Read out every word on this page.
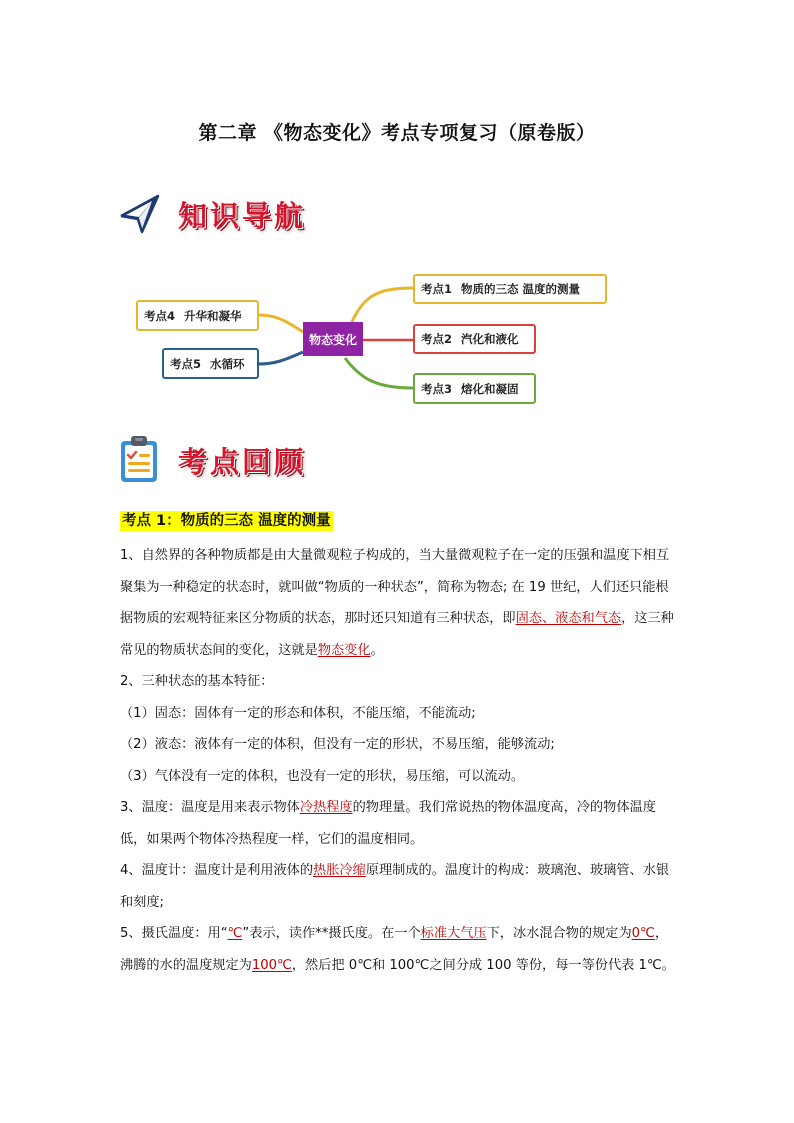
第二章 《物态变化》考点专项复习（原卷版）
知识导航
物态变化
考点1 物质的三态 温度的测量
考点2 汽化和液化
考点3 熔化和凝固
考点4 升华和凝华
考点5 水循环
考点回顾
考点 1：物质的三态 温度的测量

1、自然界的各种物质都是由大量微观粒子构成的，当大量微观粒子在一定的压强和温度下相互聚集为一种稳定的状态时，就叫做“物质的一种状态”，简称为物态; 在 19 世纪，人们还只能根据物质的宏观特征来区分物质的状态，那时还只知道有三种状态，即固态、液态和气态，这三种常见的物质状态间的变化，这就是物态变化。

2、三种状态的基本特征：

（1）固态：固体有一定的形态和体积，不能压缩，不能流动;

（2）液态：液体有一定的体积，但没有一定的形状，不易压缩，能够流动;

（3）气体没有一定的体积，也没有一定的形状，易压缩，可以流动。

3、温度：温度是用来表示物体冷热程度的物理量。我们常说热的物体温度高，冷的物体温度低，如果两个物体冷热程度一样，它们的温度相同。

4、温度计：温度计是利用液体的热胀冷缩原理制成的。温度计的构成：玻璃泡、玻璃管、水银和刻度;

5、摄氏温度：用“℃”表示，读作**摄氏度。在一个标准大气压下，冰水混合物的规定为0℃，沸腾的水的温度规定为100℃，然后把 0℃和 100℃之间分成 100 等份，每一等份代表 1℃。
